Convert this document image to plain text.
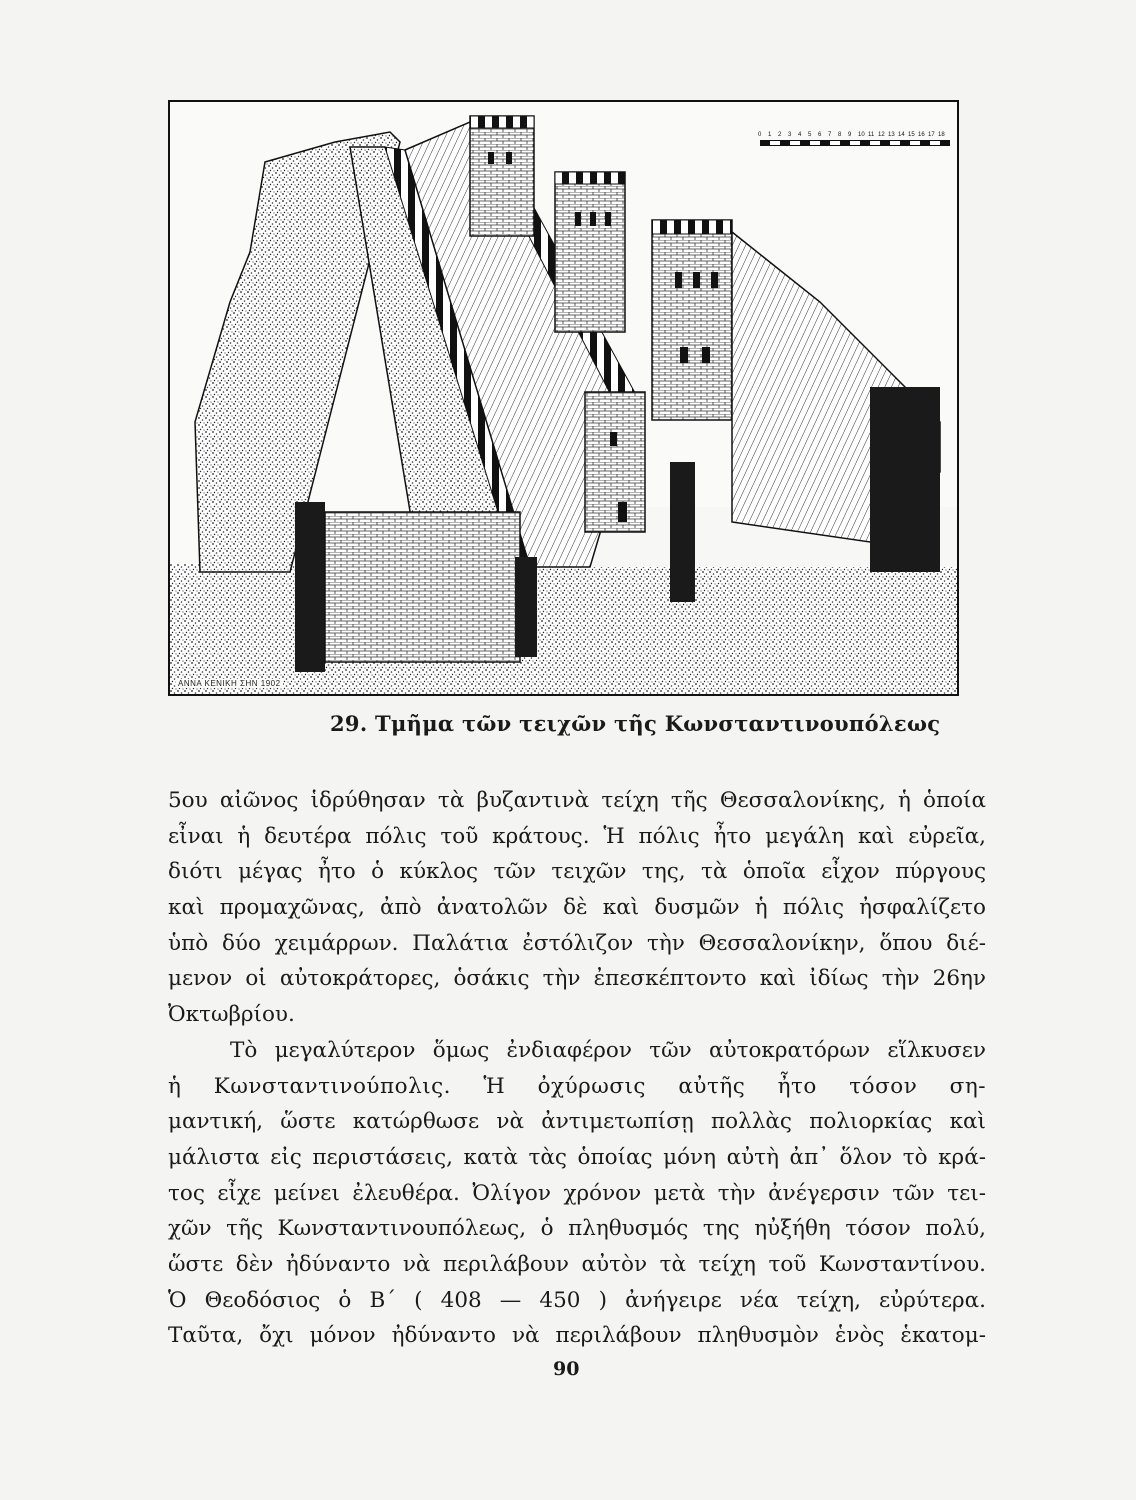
0 1 2 3 4 5 6 7 8 9 10 11 12 13 14 15 16 17 18
ΑΝΝΑ ΚΕΝΙΚΗ ΣΗΝ 1902
29. Τμῆμα τῶν τειχῶν τῆς Κωνσταντινουπόλεως
5ου αἰῶνος ἱδρύθησαν τὰ βυζαντινὰ τείχη τῆς Θεσσαλονίκης, ἡ ὁποία
εἶναι ἡ δευτέρα πόλις τοῦ κράτους. Ἡ πόλις ἦτο μεγάλη καὶ εὐρεῖα,
διότι μέγας ἦτο ὁ κύκλος τῶν τειχῶν της, τὰ ὁποῖα εἶχον πύργους
καὶ προμαχῶνας, ἀπὸ ἀνατολῶν δὲ καὶ δυσμῶν ἡ πόλις ἠσφαλίζετο
ὑπὸ δύο χειμάρρων. Παλάτια ἐστόλιζον τὴν Θεσσαλονίκην, ὅπου διέ-
μενον οἱ αὐτοκράτορες, ὁσάκις τὴν ἐπεσκέπτοντο καὶ ἰδίως τὴν 26ην
Ὀκτωβρίου.
Τὸ μεγαλύτερον ὅμως ἐνδιαφέρον τῶν αὐτοκρατόρων εἵλκυσεν
ἡ Κωνσταντινούπολις. Ἡ ὀχύρωσις αὐτῆς ἦτο τόσον ση-
μαντική, ὥστε κατώρθωσε νὰ ἀντιμετωπίσῃ πολλὰς πολιορκίας καὶ
μάλιστα εἰς περιστάσεις, κατὰ τὰς ὁποίας μόνη αὐτὴ ἀπ᾽ ὅλον τὸ κρά-
τος εἶχε μείνει ἐλευθέρα. Ὀλίγον χρόνον μετὰ τὴν ἀνέγερσιν τῶν τει-
χῶν τῆς Κωνσταντινουπόλεως, ὁ πληθυσμός της ηὐξήθη τόσον πολύ,
ὥστε δὲν ἠδύναντο νὰ περιλάβουν αὐτὸν τὰ τείχη τοῦ Κωνσταντίνου.
Ὁ Θεοδόσιος ὁ Β΄ ( 408 — 450 ) ἀνήγειρε νέα τείχη, εὐρύτερα.
Ταῦτα, ὄχι μόνον ἠδύναντο νὰ περιλάβουν πληθυσμὸν ἑνὸς ἑκατομ-
90
